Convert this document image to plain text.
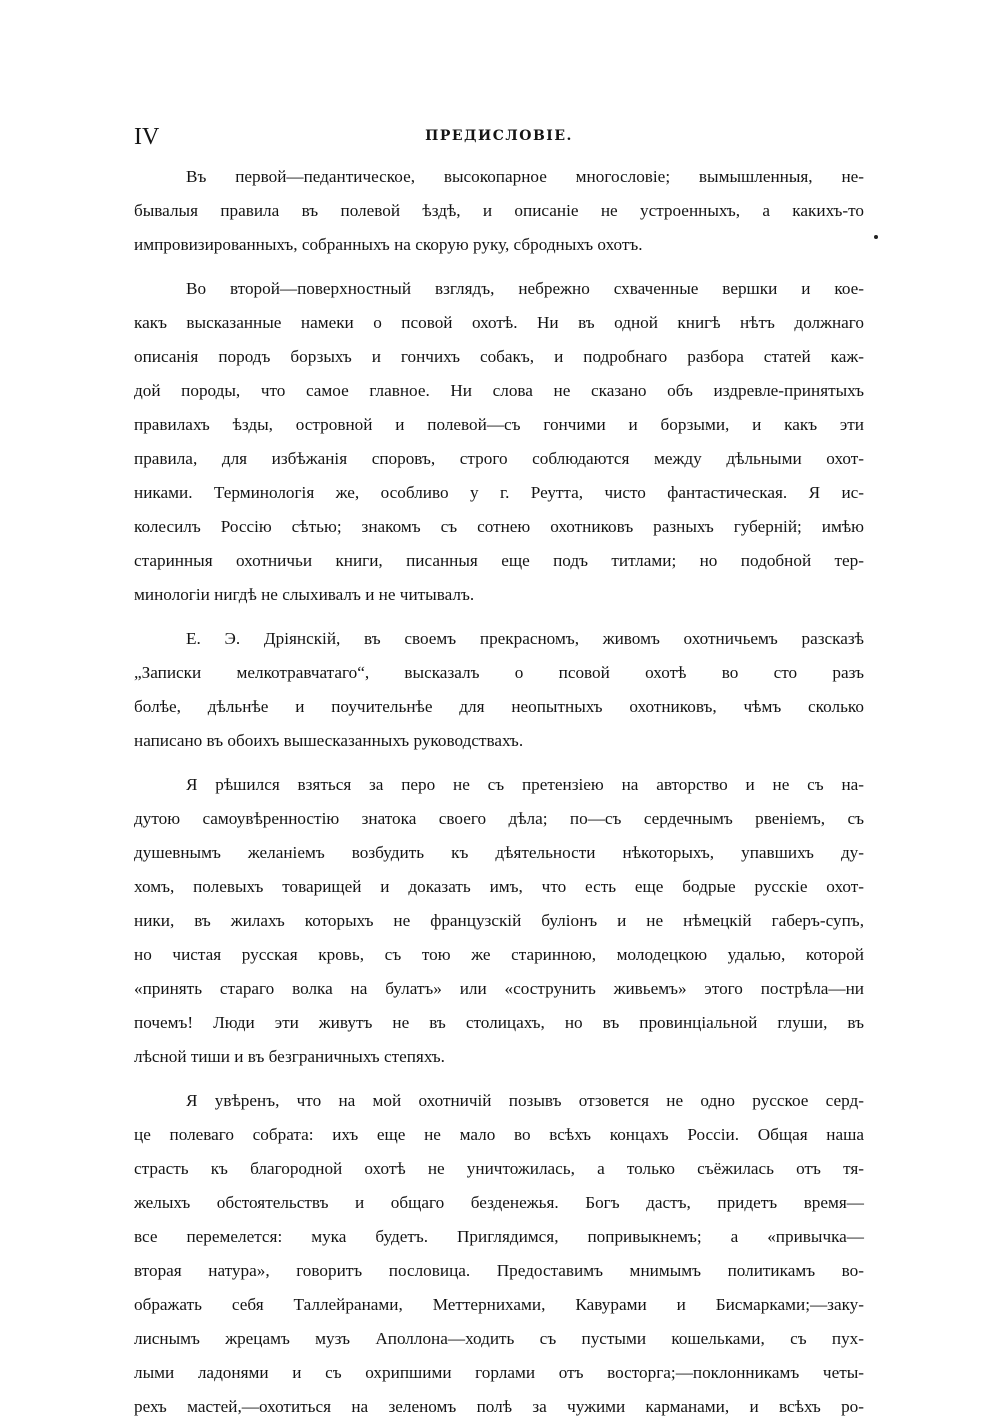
IV	ПРЕДИСЛОВІЕ.
Въ первой—педантическое, высокопарное многословіе; вымышленныя, не-
бывалыя правила въ полевой ѣздѣ, и описаніе не устроенныхъ, а какихъ-то
импровизированныхъ, собранныхъ на скорую руку, сбродныхъ охотъ.
Во второй—поверхностный взглядъ, небрежно схваченные вершки и кое-
какъ высказанные намеки о псовой охотѣ. Ни въ одной книгѣ нѣтъ должнаго
описанія породъ борзыхъ и гончихъ собакъ, и подробнаго разбора статей каж-
дой породы, что самое главное. Ни слова не сказано объ издревле-принятыхъ
правилахъ ѣзды, островной и полевой—съ гончими и борзыми, и какъ эти
правила, для избѣжанія споровъ, строго соблюдаются между дѣльными охот-
никами. Терминологія же, особливо у г. Реутта, чисто фантастическая. Я ис-
колесилъ Россію сѣтью; знакомъ съ сотнею охотниковъ разныхъ губерній; имѣю
старинныя охотничьи книги, писанныя еще подъ титлами; но подобной тер-
минологіи нигдѣ не слыхивалъ и не читывалъ.
Е. Э. Дріянскій, въ своемъ прекрасномъ, живомъ охотничьемъ разсказѣ
„Записки мелкотравчатаго“, высказалъ о псовой охотѣ во сто разъ
болѣе, дѣльнѣе и поучительнѣе для неопытныхъ охотниковъ, чѣмъ сколько
написано въ обоихъ вышесказанныхъ руководствахъ.
Я рѣшился взяться за перо не съ претензіею на авторство и не съ на-
дутою самоувѣренностію знатока своего дѣла; по—съ сердечнымъ рвеніемъ, съ
душевнымъ желаніемъ возбудить къ дѣятельности нѣкоторыхъ, упавшихъ ду-
хомъ, полевыхъ товарищей и доказать имъ, что есть еще бодрые русскіе охот-
ники, въ жилахъ которыхъ не французскій буліонъ и не нѣмецкій габеръ-супъ,
но чистая русская кровь, съ тою же старинною, молодецкою удалью, которой
«принять стараго волка на булатъ» или «сострунить живьемъ» этого пострѣла—ни
почемъ! Люди эти живутъ не въ столицахъ, но въ провинціальной глуши, въ
лѣсной тиши и въ безграничныхъ степяхъ.
Я увѣренъ, что на мой охотничій позывъ отзовется не одно русское серд-
це полеваго собрата: ихъ еще не мало во всѣхъ концахъ Россіи. Общая наша
страсть къ благородной охотѣ не уничтожилась, а только съёжилась отъ тя-
желыхъ обстоятельствъ и общаго безденежья. Богъ дастъ, придетъ время—
все перемелется: мука будетъ. Приглядимся, попривыкнемъ; а «привычка—
вторая натура», говоритъ пословица. Предоставимъ мнимымъ политикамъ во-
ображать себя Таллейранами, Меттернихами, Кавурами и Бисмарками;—заку-
лиснымъ жрецамъ музъ Аполлона—ходить съ пустыми кошельками, съ пух-
лыми ладонями и съ охрипшими горлами отъ восторга;—поклонникамъ четы-
рехъ мастей,—охотиться на зеленомъ полѣ за чужими карманами, и всѣхъ ро-
